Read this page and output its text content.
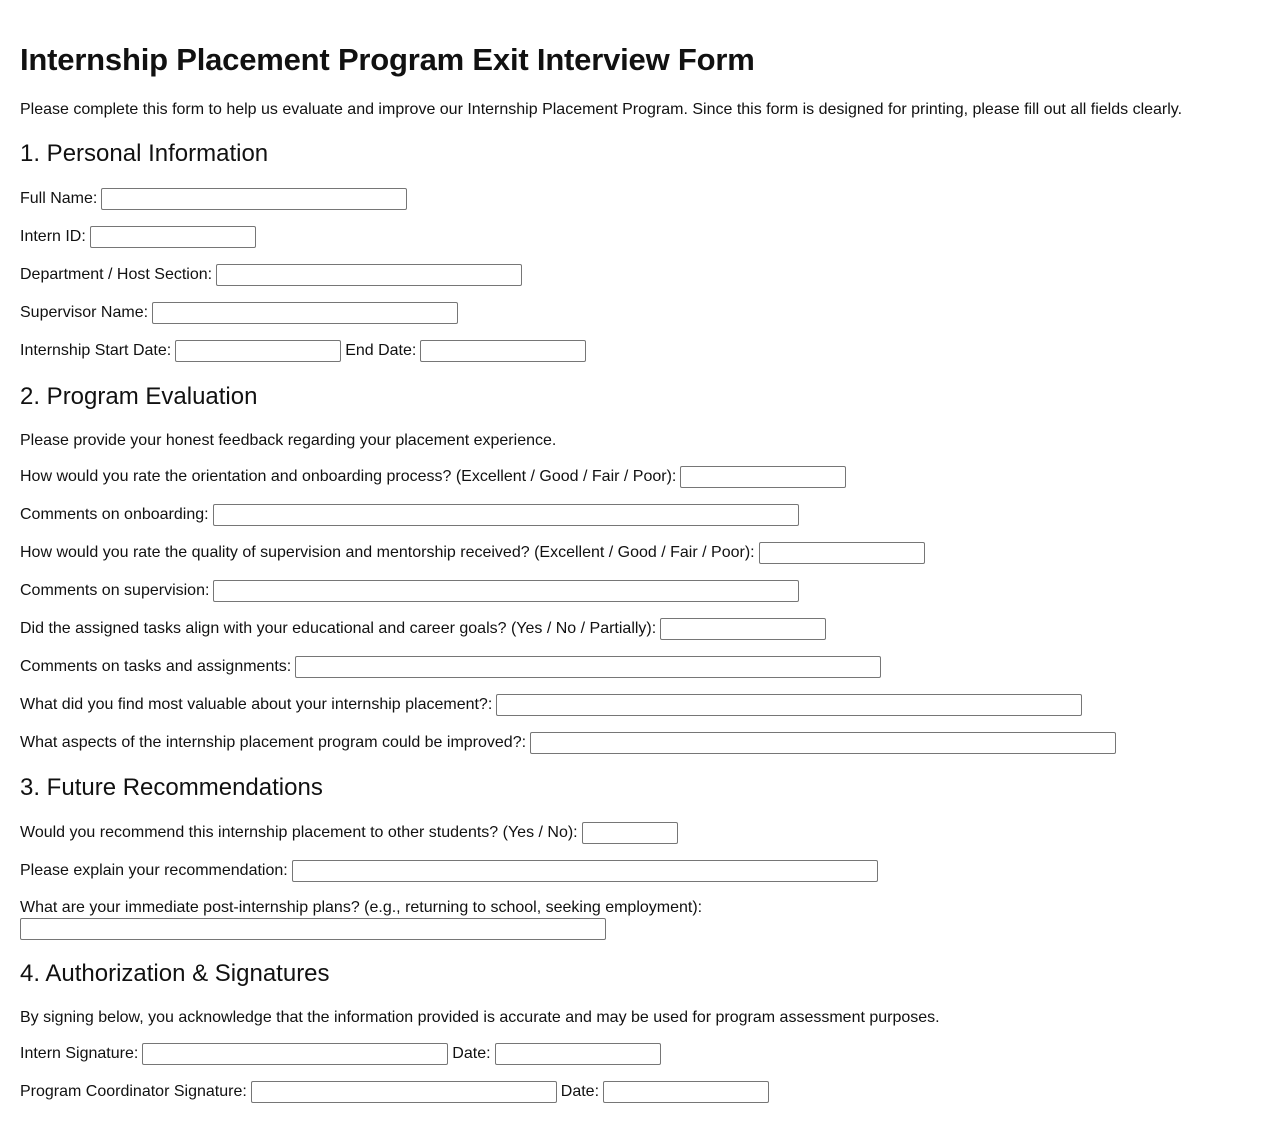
Internship Placement Program Exit Interview Form

Please complete this form to help us evaluate and improve our Internship Placement Program. Since this form is designed for printing, please fill out all fields clearly.

1. Personal Information
Full Name:
Intern ID:
Department / Host Section:
Supervisor Name:
Internship Start Date:	End Date:
2. Program Evaluation

Please provide your honest feedback regarding your placement experience.

How would you rate the orientation and onboarding process? (Excellent / Good / Fair / Poor):
Comments on onboarding:
How would you rate the quality of supervision and mentorship received? (Excellent / Good / Fair / Poor):
Comments on supervision:
Did the assigned tasks align with your educational and career goals? (Yes / No / Partially):
Comments on tasks and assignments:
What did you find most valuable about your internship placement?:
What aspects of the internship placement program could be improved?:
3. Future Recommendations
Would you recommend this internship placement to other students? (Yes / No):
Please explain your recommendation:
What are your immediate post-internship plans? (e.g., returning to school, seeking employment):
4. Authorization & Signatures

By signing below, you acknowledge that the information provided is accurate and may be used for program assessment purposes.

Intern Signature:	Date:
Program Coordinator Signature:	Date:
